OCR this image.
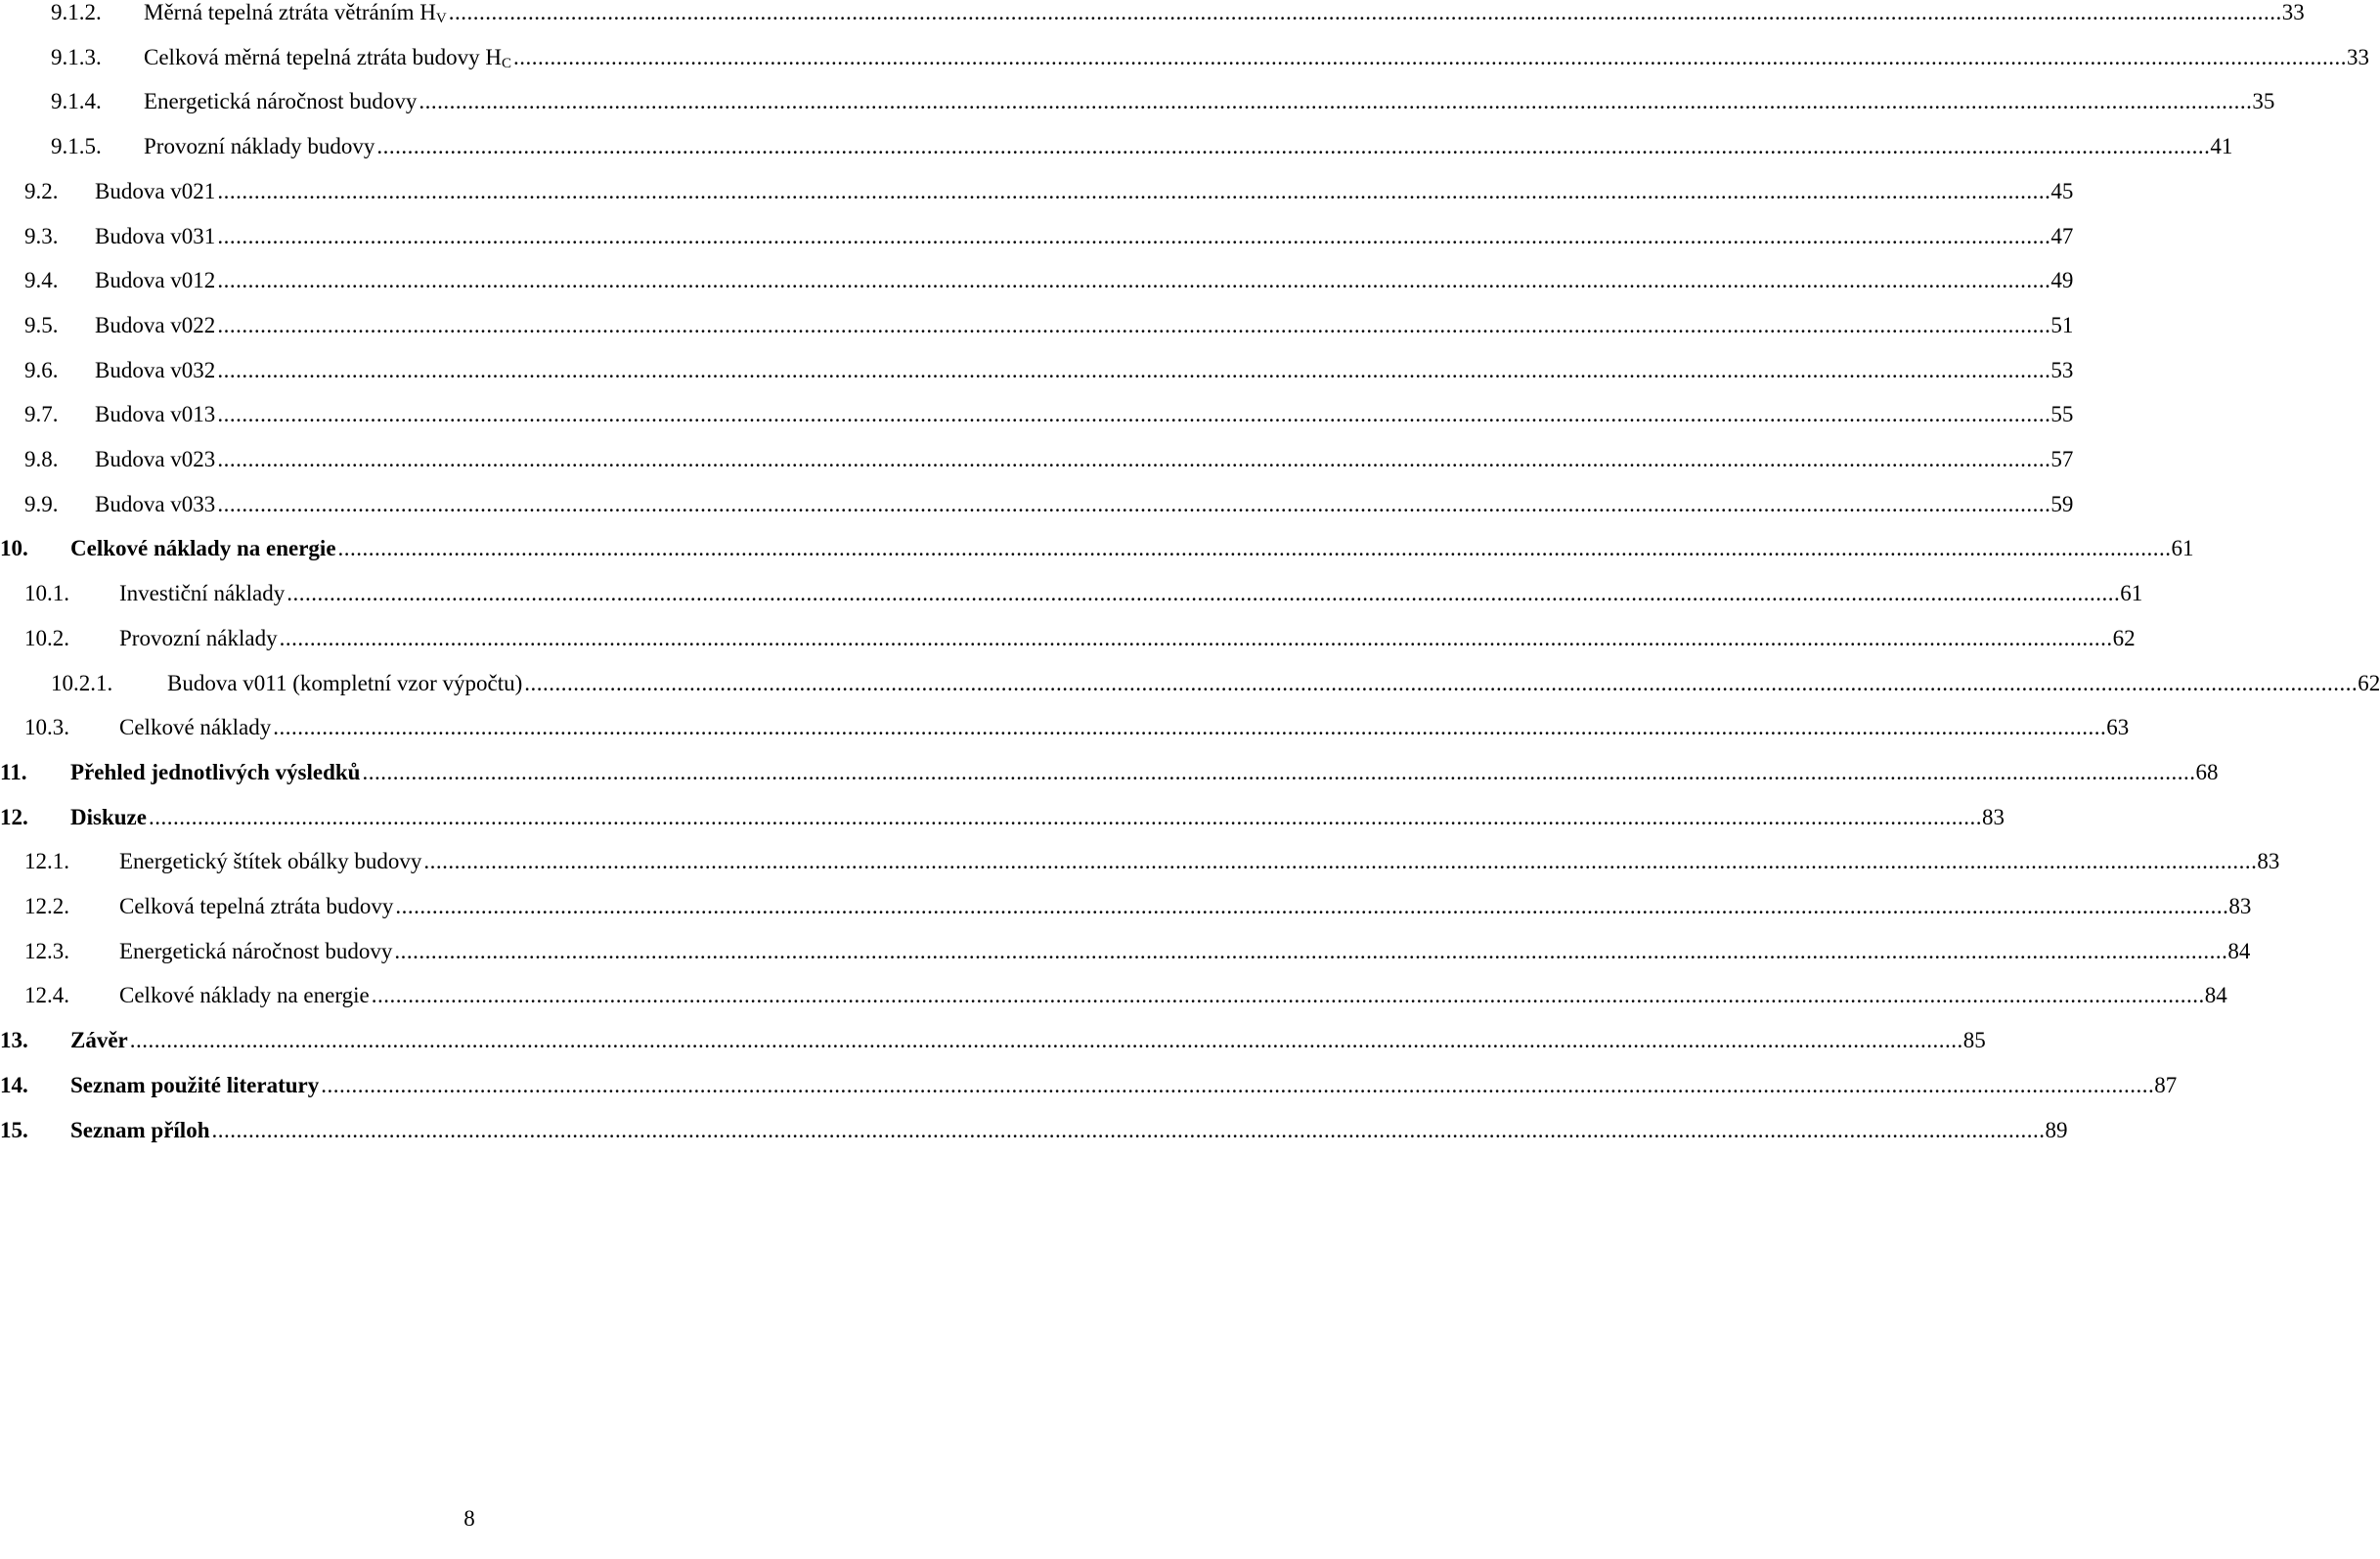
9.1.2. Měrná tepelná ztráta větráním $H_V$ ............................................................................................................................................................................................................................................................................................................ 33
9.1.3. Celková měrná tepelná ztráta budovy $H_C$ ............................................................................................................................................................................................................................................................................................................ 33
9.1.4. Energetická náročnost budovy ............................................................................................................................................................................................................................................................................................................ 35
9.1.5. Provozní náklady budovy ............................................................................................................................................................................................................................................................................................................ 41
9.2. Budova v021 ............................................................................................................................................................................................................................................................................................................ 45
9.3. Budova v031 ............................................................................................................................................................................................................................................................................................................ 47
9.4. Budova v012 ............................................................................................................................................................................................................................................................................................................ 49
9.5. Budova v022 ............................................................................................................................................................................................................................................................................................................ 51
9.6. Budova v032 ............................................................................................................................................................................................................................................................................................................ 53
9.7. Budova v013 ............................................................................................................................................................................................................................................................................................................ 55
9.8. Budova v023 ............................................................................................................................................................................................................................................................................................................ 57
9.9. Budova v033 ............................................................................................................................................................................................................................................................................................................ 59
10. Celkové náklady na energie ............................................................................................................................................................................................................................................................................................................ 61
10.1. Investiční náklady ............................................................................................................................................................................................................................................................................................................ 61
10.2. Provozní náklady ............................................................................................................................................................................................................................................................................................................ 62
10.2.1. Budova v011 (kompletní vzor výpočtu) ............................................................................................................................................................................................................................................................................................................ 62
10.3. Celkové náklady ............................................................................................................................................................................................................................................................................................................ 63
11. Přehled jednotlivých výsledků ............................................................................................................................................................................................................................................................................................................ 68
12. Diskuze ............................................................................................................................................................................................................................................................................................................ 83
12.1. Energetický štítek obálky budovy ............................................................................................................................................................................................................................................................................................................ 83
12.2. Celková tepelná ztráta budovy ............................................................................................................................................................................................................................................................................................................ 83
12.3. Energetická náročnost budovy ............................................................................................................................................................................................................................................................................................................ 84
12.4. Celkové náklady na energie ............................................................................................................................................................................................................................................................................................................ 84
13. Závěr ............................................................................................................................................................................................................................................................................................................ 85
14. Seznam použité literatury ............................................................................................................................................................................................................................................................................................................ 87
15. Seznam příloh ............................................................................................................................................................................................................................................................................................................ 89
8
